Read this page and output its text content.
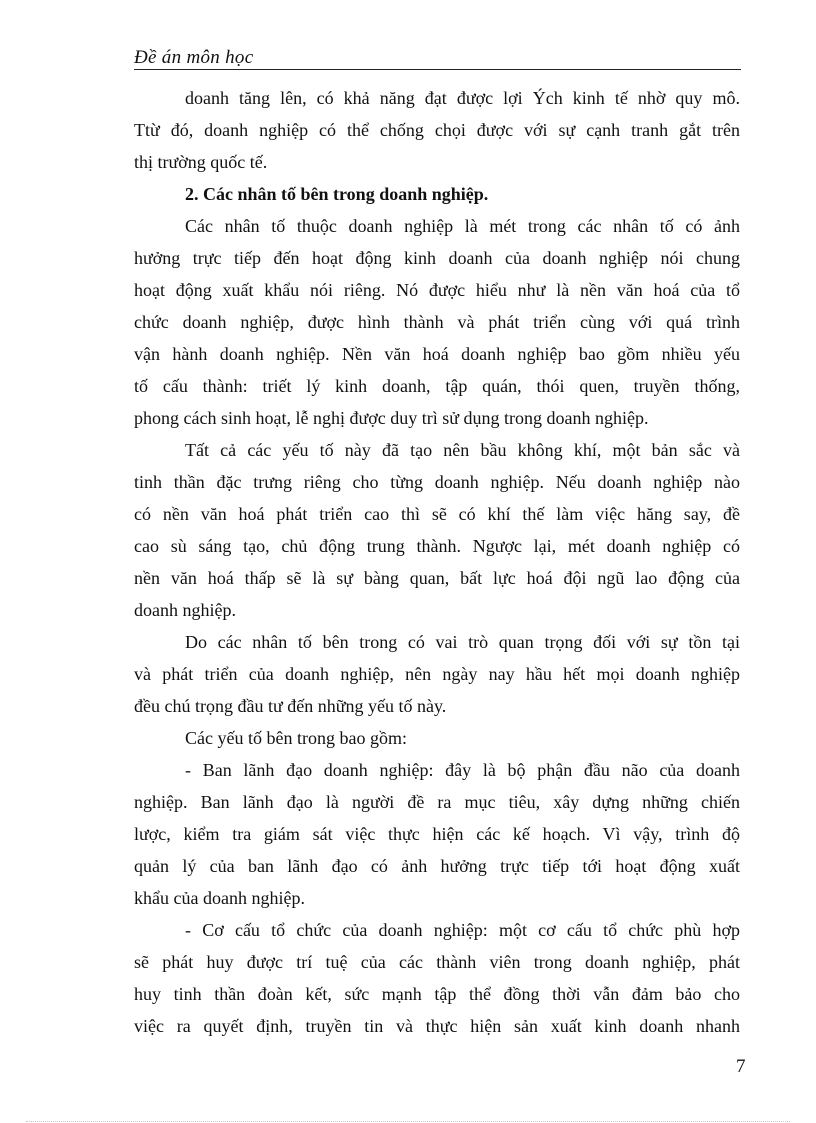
Đề án môn học
doanh tăng lên, có khả năng đạt được lợi Ých kinh tế nhờ quy mô.
Ttừ đó, doanh nghiệp có thể chống chọi được với sự cạnh tranh gắt trên
thị trường quốc tế.
2. Các nhân tố bên trong doanh nghiệp.
Các nhân tố thuộc doanh nghiệp là mét trong các nhân tố có ảnh
hưởng trực tiếp đến hoạt động kinh doanh của doanh nghiệp nói chung
hoạt động xuất khẩu nói riêng. Nó được hiểu như là nền văn hoá của tổ
chức doanh nghiệp, được hình thành và phát triển cùng với quá trình
vận hành doanh nghiệp. Nền văn hoá doanh nghiệp bao gồm nhiều yếu
tố cấu thành: triết lý kinh doanh, tập quán, thói quen, truyền thống,
phong cách sinh hoạt, lễ nghị được duy trì sử dụng trong doanh nghiệp.
Tất cả các yếu tố này đã tạo nên bầu không khí, một bản sắc và
tinh thần đặc trưng riêng cho từng doanh nghiệp. Nếu doanh nghiệp nào
có nền văn hoá phát triển cao thì sẽ có khí thế làm việc hăng say, đề
cao sù sáng tạo, chủ động trung thành. Ngược lại, mét doanh nghiệp có
nền văn hoá thấp sẽ là sự bàng quan, bất lực hoá đội ngũ lao động của
doanh nghiệp.
Do các nhân tố bên trong có vai trò quan trọng đối với sự tồn tại
và phát triển của doanh nghiệp, nên ngày nay hầu hết mọi doanh nghiệp
đều chú trọng đầu tư đến những yếu tố này.
Các yếu tố bên trong bao gồm:
- Ban lãnh đạo doanh nghiệp: đây là bộ phận đầu não của doanh
nghiệp. Ban lãnh đạo là người đề ra mục tiêu, xây dựng những chiến
lược, kiểm tra giám sát việc thực hiện các kế hoạch. Vì vậy, trình độ
quản lý của ban lãnh đạo có ảnh hưởng trực tiếp tới hoạt động xuất
khẩu của doanh nghiệp.
- Cơ cấu tổ chức của doanh nghiệp: một cơ cấu tổ chức phù hợp
sẽ phát huy được trí tuệ của các thành viên trong doanh nghiệp, phát
huy tinh thần đoàn kết, sức mạnh tập thể đồng thời vẫn đảm bảo cho
việc ra quyết định, truyền tin và thực hiện sản xuất kinh doanh nhanh
7
